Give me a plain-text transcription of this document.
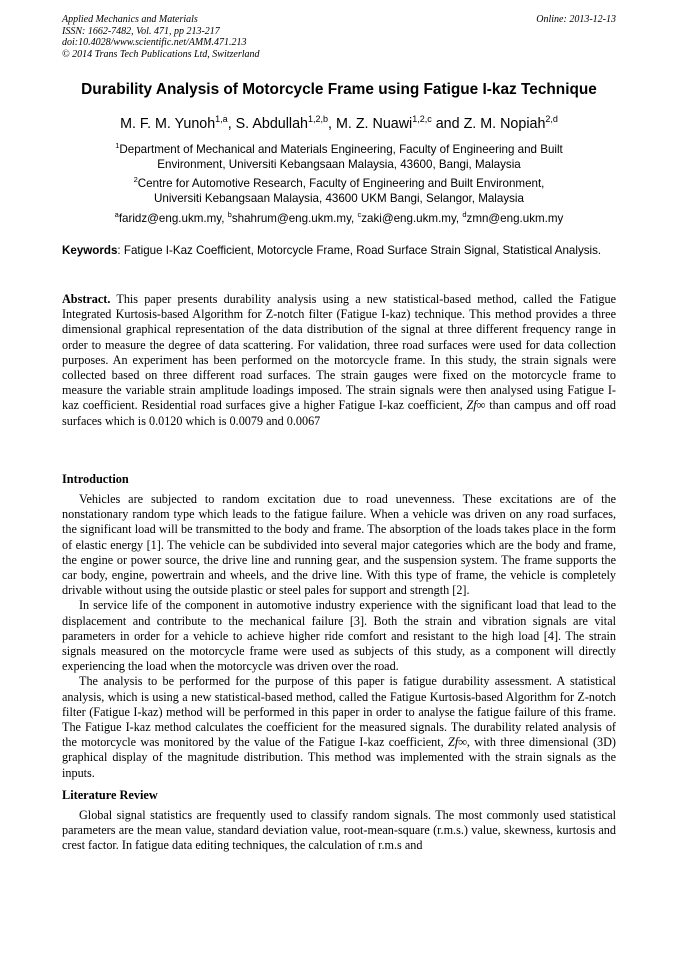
Applied Mechanics and Materials
ISSN: 1662-7482, Vol. 471, pp 213-217
doi:10.4028/www.scientific.net/AMM.471.213
© 2014 Trans Tech Publications Ltd, Switzerland
Online: 2013-12-13
Durability Analysis of Motorcycle Frame using Fatigue I-kaz Technique
M. F. M. Yunoh$^{1,a}$, S. Abdullah$^{1,2,b}$, M. Z. Nuawi$^{1,2,c}$ and Z. M. Nopiah$^{2,d}$
$^1$Department of Mechanical and Materials Engineering, Faculty of Engineering and Built
Environment, Universiti Kebangsaan Malaysia, 43600, Bangi, Malaysia
$^2$Centre for Automotive Research, Faculty of Engineering and Built Environment,
Universiti Kebangsaan Malaysia, 43600 UKM Bangi, Selangor, Malaysia
$^a$faridz@eng.ukm.my, $^b$shahrum@eng.ukm.my, $^c$zaki@eng.ukm.my, $^d$zmn@eng.ukm.my
Keywords: Fatigue I-Kaz Coefficient, Motorcycle Frame, Road Surface Strain Signal, Statistical Analysis.
Abstract. This paper presents durability analysis using a new statistical-based method, called the Fatigue Integrated Kurtosis-based Algorithm for Z-notch filter (Fatigue I-kaz) technique. This method provides a three dimensional graphical representation of the data distribution of the signal at three different frequency range in order to measure the degree of data scattering. For validation, three road surfaces were used for data collection purposes. An experiment has been performed on the motorcycle frame. In this study, the strain signals were collected based on three different road surfaces. The strain gauges were fixed on the motorcycle frame to measure the variable strain amplitude loadings imposed. The strain signals were then analysed using Fatigue I-kaz coefficient. Residential road surfaces give a higher Fatigue I-kaz coefficient, Zf∞ than campus and off road surfaces which is 0.0120 which is 0.0079 and 0.0067
Introduction

Vehicles are subjected to random excitation due to road unevenness. These excitations are of the nonstationary random type which leads to the fatigue failure. When a vehicle was driven on any road surfaces, the significant load will be transmitted to the body and frame. The absorption of the loads takes place in the form of elastic energy [1]. The vehicle can be subdivided into several major categories which are the body and frame, the engine or power source, the drive line and running gear, and the suspension system. The frame supports the car body, engine, powertrain and wheels, and the drive line. With this type of frame, the vehicle is completely drivable without using the outside plastic or steel pales for support and strength [2].

In service life of the component in automotive industry experience with the significant load that lead to the displacement and contribute to the mechanical failure [3]. Both the strain and vibration signals are vital parameters in order for a vehicle to achieve higher ride comfort and resistant to the high load [4]. The strain signals measured on the motorcycle frame were used as subjects of this study, as a component will directly experiencing the load when the motorcycle was driven over the road.

The analysis to be performed for the purpose of this paper is fatigue durability assessment. A statistical analysis, which is using a new statistical-based method, called the Fatigue Kurtosis-based Algorithm for Z-notch filter (Fatigue I-kaz) method will be performed in this paper in order to analyse the fatigue failure of this frame. The Fatigue I-kaz method calculates the coefficient for the measured signals. The durability related analysis of the motorcycle was monitored by the value of the Fatigue I-kaz coefficient, Zf∞, with three dimensional (3D) graphical display of the magnitude distribution. This method was implemented with the strain signals as the inputs.

Literature Review

Global signal statistics are frequently used to classify random signals. The most commonly used statistical parameters are the mean value, standard deviation value, root-mean-square (r.m.s.) value, skewness, kurtosis and crest factor. In fatigue data editing techniques, the calculation of r.m.s and
